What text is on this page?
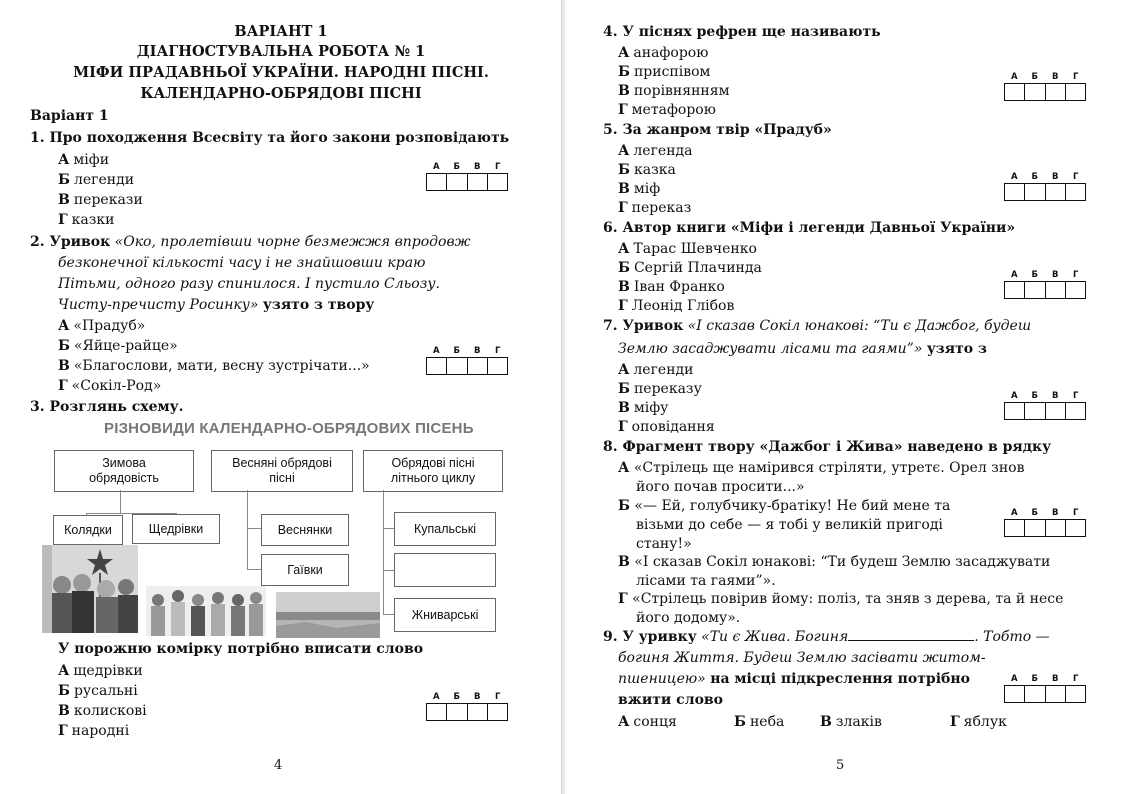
ВАРІАНТ 1
ДІАГНОСТУВАЛЬНА РОБОТА № 1
МІФИ ПРАДАВНЬОЇ УКРАЇНИ. НАРОДНІ ПІСНІ.
КАЛЕНДАРНО-ОБРЯДОВІ ПІСНІ
Варіант 1
1. Про походження Всесвіту та його закони розповідають
А міфи
Б легенди
В перекази
Г казки
А	Б	В	Г
2. Уривок «Око, пролетівши чорне безмежжя впродовж
безконечної кількості часу і не знайшовши краю
Пітьми, одного разу спинилося. І пустило Сльозу.
Чисту-пречисту Росинку» узято з твору
А «Прадуб»
Б «Яйце-райце»
В «Благослови, мати, весну зустрічати...»
Г «Сокіл-Род»
А	Б	В	Г
3. Розглянь схему.
РІЗНОВИДИ КАЛЕНДАРНО-ОБРЯДОВИХ ПІСЕНЬ
Зимова
обрядовість
Весняні обрядові
пісні
Обрядові пісні
літнього циклу
Колядки	Щедрівки	Веснянки
Гаївки
Купальські
Жниварські
У порожню комірку потрібно вписати слово
А щедрівки
Б русальні
В колискові
Г народні
А	Б	В	Г
4
4. У піснях рефрен ще називають
А анафорою
Б приспівом
В порівнянням
Г метафорою
А	Б	В	Г
5. За жанром твір «Прадуб»
А легенда
Б казка
В міф
Г переказ
А	Б	В	Г
6. Автор книги «Міфи і легенди Давньої України»
А Тарас Шевченко
Б Сергій Плачинда
В Іван Франко
Г Леонід Глібов
А	Б	В	Г
7. Уривок «І сказав Сокіл юнакові: “Ти є Дажбог, будеш
Землю засаджувати лісами та гаями”» узято з
А легенди
Б переказу
В міфу
Г оповідання
А	Б	В	Г
8. Фрагмент твору «Дажбог і Жива» наведено в рядку
А «Стрілець ще намірився стріляти, утретє. Орел знов
його почав просити...»
Б «— Ей, голубчику-братіку! Не бий мене та
візьми до себе — я тобі у великій пригоді
стану!»
В «І сказав Сокіл юнакові: “Ти будеш Землю засаджувати
лісами та гаями”».
Г «Стрілець повірив йому: поліз, та зняв з дерева, та й несе
його додому».
А	Б	В	Г
9. У уривку «Ти є Жива. Богиня	. Тобто —
богиня Життя. Будеш Землю засівати житом-
пшеницею» на місці підкреслення потрібно
вжити слово
А	Б	В	Г
А сонця	Б неба	В злаків	Г яблук
5
